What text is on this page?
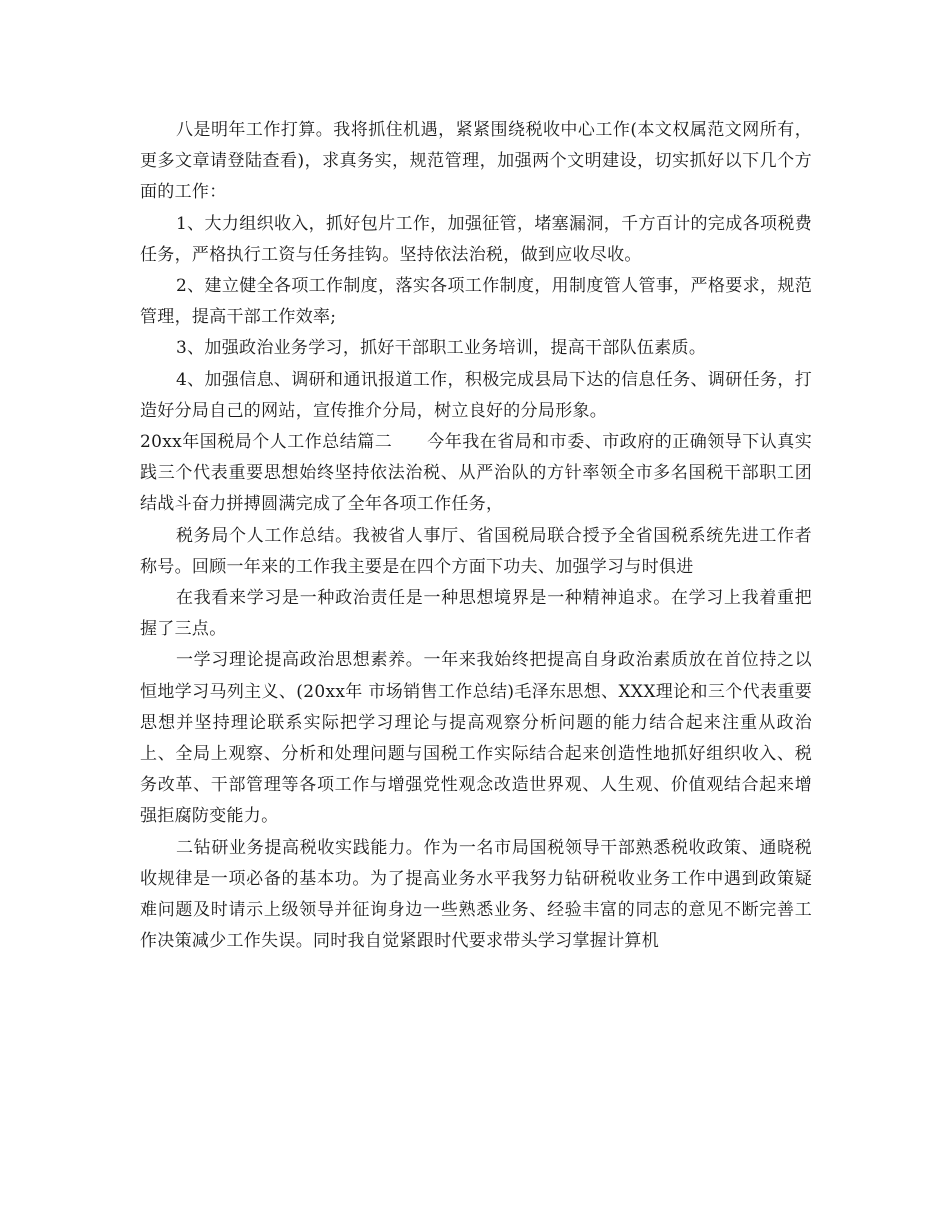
八是明年工作打算。我将抓住机遇，紧紧围绕税收中心工作(本文权属范文网所有，更多文章请登陆查看)，求真务实，规范管理，加强两个文明建设，切实抓好以下几个方面的工作：

1、大力组织收入，抓好包片工作，加强征管，堵塞漏洞，千方百计的完成各项税费任务，严格执行工资与任务挂钩。坚持依法治税，做到应收尽收。

2、建立健全各项工作制度，落实各项工作制度，用制度管人管事，严格要求，规范管理，提高干部工作效率;

3、加强政治业务学习，抓好干部职工业务培训，提高干部队伍素质。

4、加强信息、调研和通讯报道工作，积极完成县局下达的信息任务、调研任务，打造好分局自己的网站，宣传推介分局，树立良好的分局形象。

20xx年国税局个人工作总结篇二　　今年我在省局和市委、市政府的正确领导下认真实践三个代表重要思想始终坚持依法治税、从严治队的方针率领全市多名国税干部职工团结战斗奋力拼搏圆满完成了全年各项工作任务，

税务局个人工作总结。我被省人事厅、省国税局联合授予全省国税系统先进工作者称号。回顾一年来的工作我主要是在四个方面下功夫、加强学习与时俱进

在我看来学习是一种政治责任是一种思想境界是一种精神追求。在学习上我着重把握了三点。

一学习理论提高政治思想素养。一年来我始终把提高自身政治素质放在首位持之以恒地学习马列主义、(20xx年 市场销售工作总结)毛泽东思想、XXX理论和三个代表重要思想并坚持理论联系实际把学习理论与提高观察分析问题的能力结合起来注重从政治上、全局上观察、分析和处理问题与国税工作实际结合起来创造性地抓好组织收入、税务改革、干部管理等各项工作与增强党性观念改造世界观、人生观、价值观结合起来增强拒腐防变能力。

二钻研业务提高税收实践能力。作为一名市局国税领导干部熟悉税收政策、通晓税收规律是一项必备的基本功。为了提高业务水平我努力钻研税收业务工作中遇到政策疑难问题及时请示上级领导并征询身边一些熟悉业务、经验丰富的同志的意见不断完善工作决策减少工作失误。同时我自觉紧跟时代要求带头学习掌握计算机
